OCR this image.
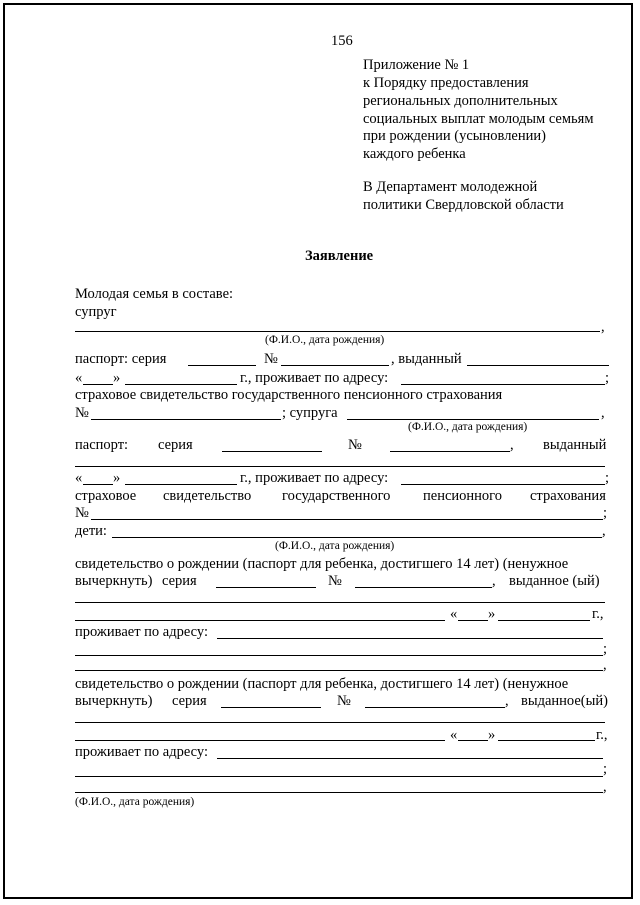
156
Приложение № 1
к Порядку предоставления
региональных дополнительных
социальных выплат молодым семьям
при рождении (усыновлении)
каждого ребенка
В Департамент молодежной
политики Свердловской области
Заявление
Молодая семья в составе:
супруг
,
(Ф.И.О., дата рождения)
паспорт: серия	№	, выданный
« »	г., проживает по адресу:	;
страховое свидетельство государственного пенсионного страхования
№	; супруга	,
(Ф.И.О., дата рождения)
паспорт: серия	№	, выданный
« »	г., проживает по адресу:	;
страховое свидетельство государственного пенсионного страхования
№	;
дети:	,
(Ф.И.О., дата рождения)
свидетельство о рождении (паспорт для ребенка, достигшего 14 лет) (ненужное
вычеркнуть) серия	№	, выданное (ый)
« »	г.,
проживает по адресу:
;
,
свидетельство о рождении (паспорт для ребенка, достигшего 14 лет) (ненужное
вычеркнуть) серия	№	, выданное(ый)
« »	г.,
проживает по адресу:
;
,
(Ф.И.О., дата рождения)
